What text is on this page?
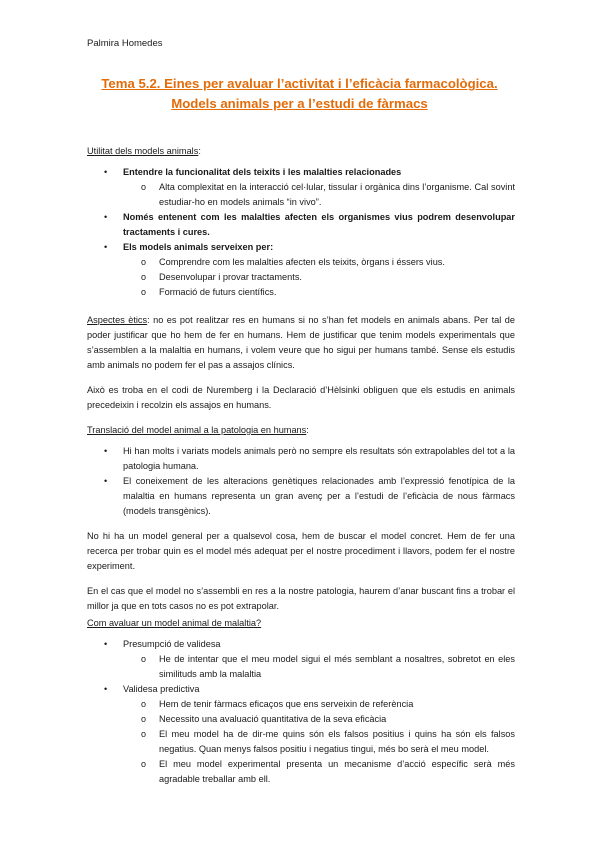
Palmira Homedes
Tema 5.2. Eines per avaluar l’activitat i l’eficàcia farmacològica.
Models animals per a l’estudi de fàrmacs

Utilitat dels models animals:

• Entendre la funcionalitat dels teixits i les malalties relacionades
o Alta complexitat en la interacció cel·lular, tissular i orgànica dins l’organisme. Cal sovint estudiar-ho en models animals “in vivo”.
• Només entenent com les malalties afecten els organismes vius podrem desenvolupar tractaments i cures.
• Els models animals serveixen per:
o Comprendre com les malalties afecten els teixits, òrgans i éssers vius.
o Desenvolupar i provar tractaments.
o Formació de futurs científics.

Aspectes ètics: no es pot realitzar res en humans si no s’han fet models en animals abans. Per tal de poder justificar que ho hem de fer en humans. Hem de justificar que tenim models experimentals que s’assemblen a la malaltia en humans, i volem veure que ho sigui per humans també. Sense els estudis amb animals no podem fer el pas a assajos clínics.

Això es troba en el codi de Nuremberg i la Declaració d’Hèlsinki obliguen que els estudis en animals precedeixin i recolzin els assajos en humans.

Translació del model animal a la patologia en humans:

• Hi han molts i variats models animals però no sempre els resultats són extrapolables del tot a la patologia humana.
• El coneixement de les alteracions genètiques relacionades amb l’expressió fenotípica de la malaltia en humans representa un gran avenç per a l’estudi de l’eficàcia de nous fàrmacs (models transgènics).

No hi ha un model general per a qualsevol cosa, hem de buscar el model concret. Hem de fer una recerca per trobar quin es el model més adequat per el nostre procediment i llavors, podem fer el nostre experiment.

En el cas que el model no s’assembli en res a la nostre patologia, haurem d’anar buscant fins a trobar el millor ja que en tots casos no es pot extrapolar.

Com avaluar un model animal de malaltia?

• Presumpció de validesa
o He de intentar que el meu model sigui el més semblant a nosaltres, sobretot en eles similituds amb la malaltia
• Validesa predictiva
o Hem de tenir fàrmacs eficaços que ens serveixin de referència
o Necessito una avaluació quantitativa de la seva eficàcia
o El meu model ha de dir-me quins són els falsos positius i quins ha són els falsos negatius. Quan menys falsos positiu i negatius tingui, més bo serà el meu model.
o El meu model experimental presenta un mecanisme d’acció específic serà més agradable treballar amb ell.
